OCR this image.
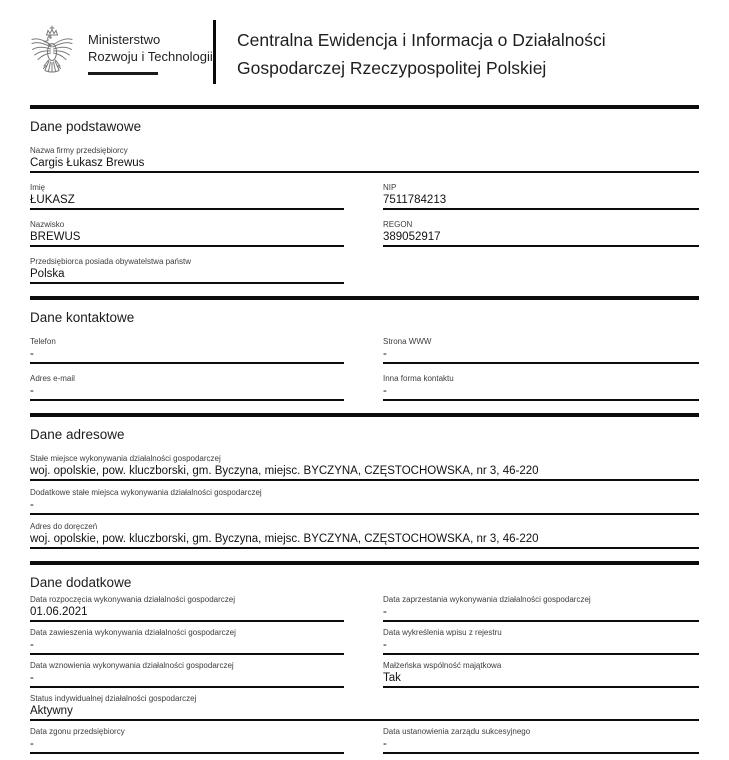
Ministerstwo
Rozwoju i Technologii
Centralna Ewidencja i Informacja o Działalności
Gospodarczej Rzeczypospolitej Polskiej
Dane podstawowe
Nazwa firmy przedsiębiorcy
Cargis Łukasz Brewus
Imię
ŁUKASZ
NIP
7511784213
Nazwisko
BREWUS
REGON
389052917
Przedsiębiorca posiada obywatelstwa państw
Polska
Dane kontaktowe
Telefon
-
Strona WWW
-
Adres e-mail
-
Inna forma kontaktu
-
Dane adresowe
Stałe miejsce wykonywania działalności gospodarczej
woj. opolskie, pow. kluczborski, gm. Byczyna, miejsc. BYCZYNA, CZĘSTOCHOWSKA, nr 3, 46-220
Dodatkowe stałe miejsca wykonywania działalności gospodarczej
-
Adres do doręczeń
woj. opolskie, pow. kluczborski, gm. Byczyna, miejsc. BYCZYNA, CZĘSTOCHOWSKA, nr 3, 46-220
Dane dodatkowe
Data rozpoczęcia wykonywania działalności gospodarczej
01.06.2021
Data zaprzestania wykonywania działalności gospodarczej
-
Data zawieszenia wykonywania działalności gospodarczej
-
Data wykreślenia wpisu z rejestru
-
Data wznowienia wykonywania działalności gospodarczej
-
Małżeńska wspólność majątkowa
Tak
Status indywidualnej działalności gospodarczej
Aktywny
Data zgonu przedsiębiorcy
-
Data ustanowienia zarządu sukcesyjnego
-
